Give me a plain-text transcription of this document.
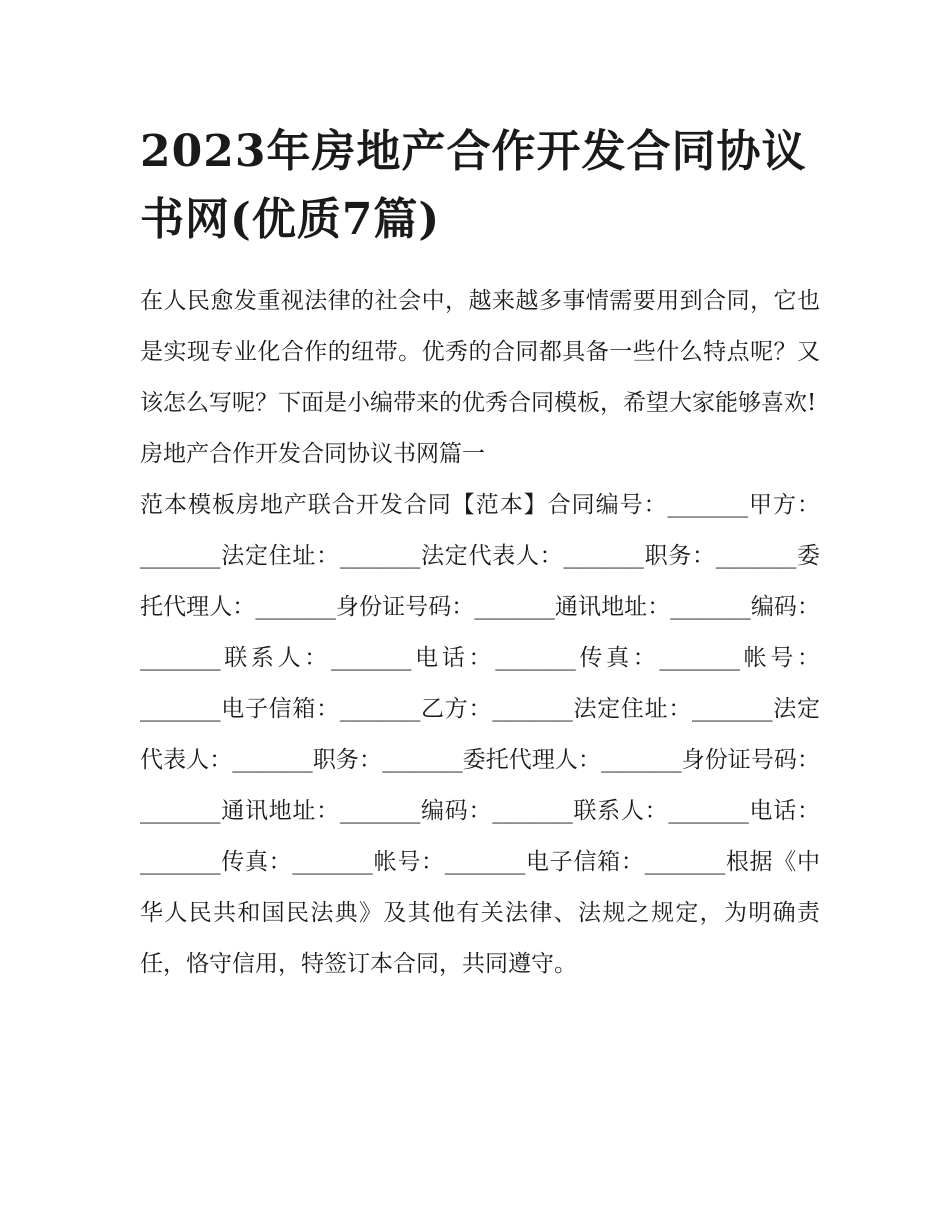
2023年房地产合作开发合同协议书网(优质7篇)

在人民愈发重视法律的社会中，越来越多事情需要用到合同，它也是实现专业化合作的纽带。优秀的合同都具备一些什么特点呢？又该怎么写呢？下面是小编带来的优秀合同模板，希望大家能够喜欢!

房地产合作开发合同协议书网篇一

范本模板房地产联合开发合同【范本】合同编号：_______甲方：_______法定住址：_______法定代表人：_______职务：_______委托代理人：_______身份证号码：_______通讯地址：_______编码：_______联系人：_______电话：_______传真：_______帐号：_______电子信箱：_______乙方：_______法定住址：_______法定代表人：_______职务：_______委托代理人：_______身份证号码：_______通讯地址：_______编码：_______联系人：_______电话：_______传真：_______帐号：_______电子信箱：_______根据《中华人民共和国民法典》及其他有关法律、法规之规定，为明确责任，恪守信用，特签订本合同，共同遵守。
